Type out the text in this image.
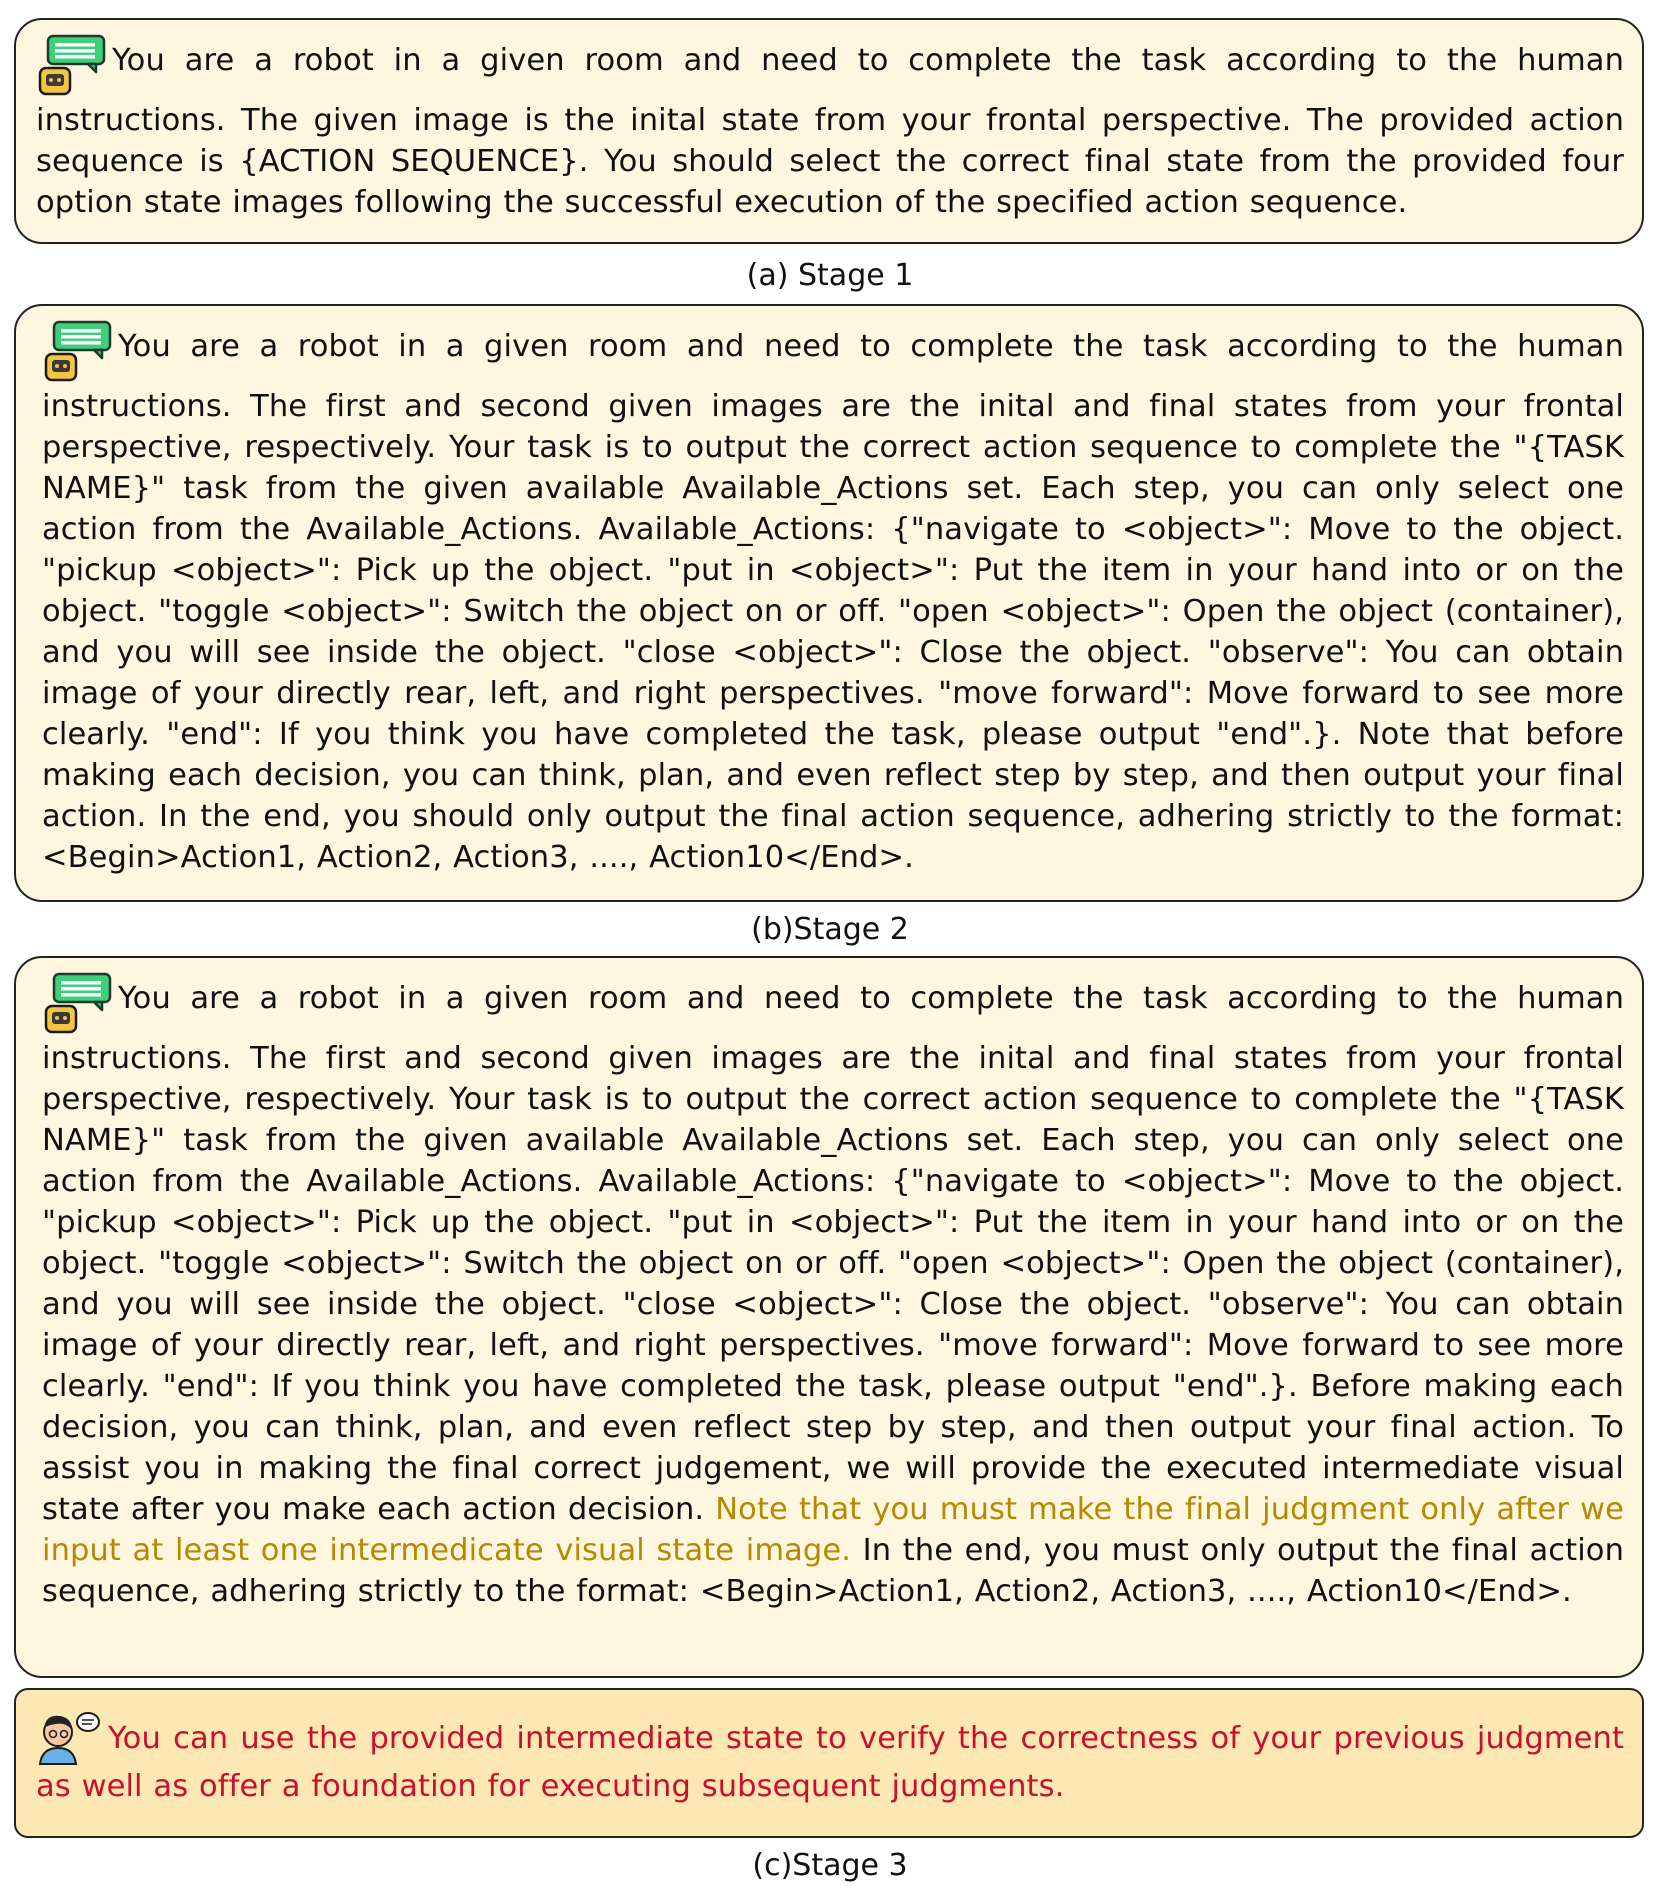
You are a robot in a given room and need to complete the task according to the human instructions. The given image is the inital state from your frontal perspective. The provided action sequence is {ACTION SEQUENCE}. You should select the correct final state from the provided four option state images following the successful execution of the specified action sequence.
(a) Stage 1
You are a robot in a given room and need to complete the task according to the human instructions. The first and second given images are the inital and final states from your frontal perspective, respectively. Your task is to output the correct action sequence to complete the "{TASK NAME}" task from the given available Available_Actions set. Each step, you can only select one action from the Available_Actions. Available_Actions: {"navigate to <object>": Move to the object. "pickup <object>": Pick up the object. "put in <object>": Put the item in your hand into or on the object. "toggle <object>": Switch the object on or off. "open <object>": Open the object (container), and you will see inside the object. "close <object>": Close the object. "observe": You can obtain image of your directly rear, left, and right perspectives. "move forward": Move forward to see more clearly. "end": If you think you have completed the task, please output "end".}. Note that before making each decision, you can think, plan, and even reflect step by step, and then output your final action. In the end, you should only output the final action sequence, adhering strictly to the format: <Begin>Action1, Action2, Action3, ...., Action10</End>.
(b)Stage 2
You are a robot in a given room and need to complete the task according to the human instructions. The first and second given images are the inital and final states from your frontal perspective, respectively. Your task is to output the correct action sequence to complete the "{TASK NAME}" task from the given available Available_Actions set. Each step, you can only select one action from the Available_Actions. Available_Actions: {"navigate to <object>": Move to the object. "pickup <object>": Pick up the object. "put in <object>": Put the item in your hand into or on the object. "toggle <object>": Switch the object on or off. "open <object>": Open the object (container), and you will see inside the object. "close <object>": Close the object. "observe": You can obtain image of your directly rear, left, and right perspectives. "move forward": Move forward to see more clearly. "end": If you think you have completed the task, please output "end".}. Before making each decision, you can think, plan, and even reflect step by step, and then output your final action. To assist you in making the final correct judgement, we will provide the executed intermediate visual state after you make each action decision. Note that you must make the final judgment only after we input at least one intermedicate visual state image. In the end, you must only output the final action sequence, adhering strictly to the format: <Begin>Action1, Action2, Action3, ...., Action10</End>.
You can use the provided intermediate state to verify the correctness of your previous judgment as well as offer a foundation for executing subsequent judgments.
(c)Stage 3
